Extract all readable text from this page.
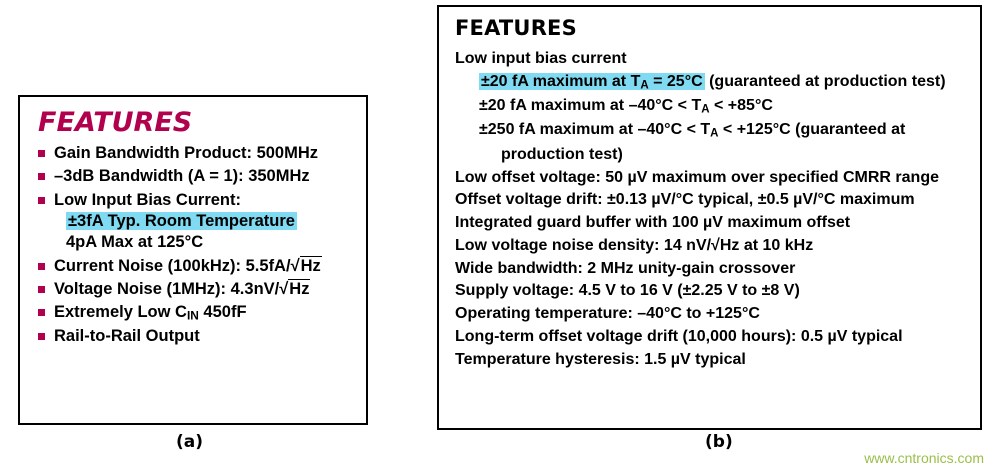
FEATURES
Gain Bandwidth Product: 500MHz
–3dB Bandwidth (A = 1): 350MHz
Low Input Bias Current:
±3fA Typ. Room Temperature
4pA Max at 125°C
Current Noise (100kHz): 5.5fA/√Hz
Voltage Noise (1MHz): 4.3nV/√Hz
Extremely Low $C_{IN}$ 450fF
Rail-to-Rail Output
(a)
FEATURES
Low input bias current
±20 fA maximum at $T_A = 25^\circ C$ (guaranteed at production test)
±20 fA maximum at $-40^\circ C < T_A < +85^\circ C$
±250 fA maximum at $-40^\circ C < T_A < +125^\circ C$ (guaranteed at
production test)
Low offset voltage: 50 µV maximum over specified CMRR range
Offset voltage drift: ±0.13 µV/°C typical, ±0.5 µV/°C maximum
Integrated guard buffer with 100 µV maximum offset
Low voltage noise density: 14 nV/√Hz at 10 kHz
Wide bandwidth: 2 MHz unity-gain crossover
Supply voltage: 4.5 V to 16 V (±2.25 V to ±8 V)
Operating temperature: –40°C to +125°C
Long-term offset voltage drift (10,000 hours): 0.5 µV typical
Temperature hysteresis: 1.5 µV typical
(b)
www.cntronics.com
